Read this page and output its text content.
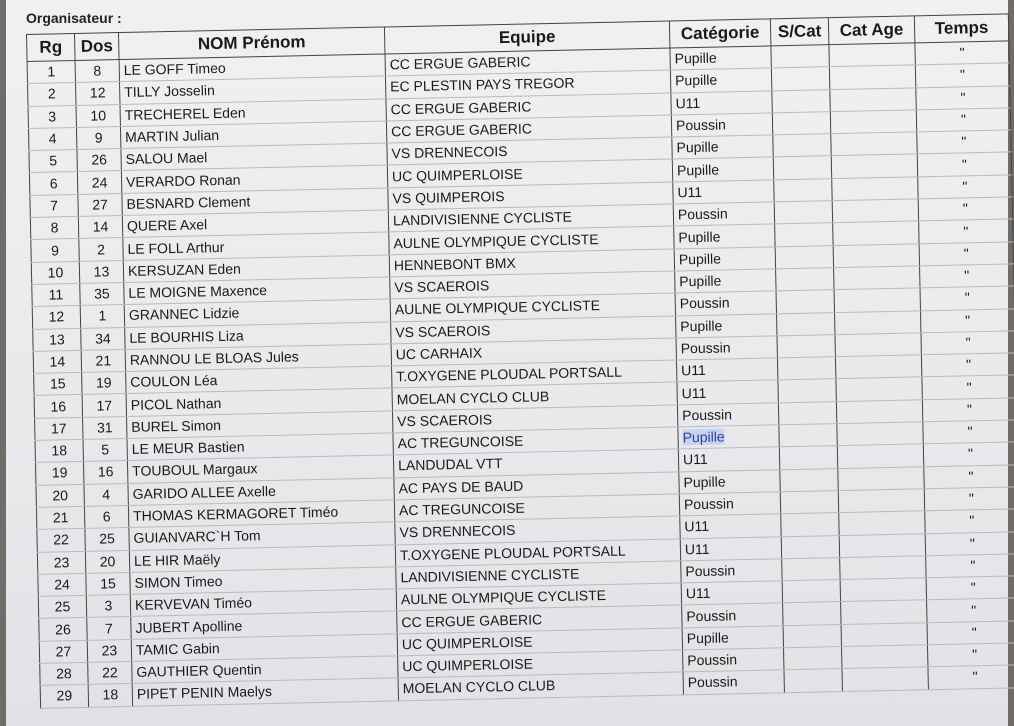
Organisateur :
Rg	Dos	NOM Prénom	Equipe	Catégorie	S/Cat	Cat Age	Temps
1	8	LE GOFF Timeo	CC ERGUE GABERIC	Pupille			"
2	12	TILLY Josselin	EC PLESTIN PAYS TREGOR	Pupille			"
3	10	TRECHEREL Eden	CC ERGUE GABERIC	U11			"
4	9	MARTIN Julian	CC ERGUE GABERIC	Poussin			"
5	26	SALOU Mael	VS DRENNECOIS	Pupille			"
6	24	VERARDO Ronan	UC QUIMPERLOISE	Pupille			"
7	27	BESNARD Clement	VS QUIMPEROIS	U11			"
8	14	QUERE Axel	LANDIVISIENNE CYCLISTE	Poussin			"
9	2	LE FOLL Arthur	AULNE OLYMPIQUE CYCLISTE	Pupille			"
10	13	KERSUZAN Eden	HENNEBONT BMX	Pupille			"
11	35	LE MOIGNE Maxence	VS SCAEROIS	Pupille			"
12	1	GRANNEC Lidzie	AULNE OLYMPIQUE CYCLISTE	Poussin			"
13	34	LE BOURHIS Liza	VS SCAEROIS	Pupille			"
14	21	RANNOU LE BLOAS Jules	UC CARHAIX	Poussin			"
15	19	COULON Léa	T.OXYGENE PLOUDAL PORTSALL	U11			"
16	17	PICOL Nathan	MOELAN CYCLO CLUB	U11			"
17	31	BUREL Simon	VS SCAEROIS	Poussin			"
18	5	LE MEUR Bastien	AC TREGUNCOISE	Pupille			"
19	16	TOUBOUL Margaux	LANDUDAL VTT	U11			"
20	4	GARIDO ALLEE Axelle	AC PAYS DE BAUD	Pupille			"
21	6	THOMAS KERMAGORET Timéo	AC TREGUNCOISE	Poussin			"
22	25	GUIANVARC`H Tom	VS DRENNECOIS	U11			"
23	20	LE HIR Maëly	T.OXYGENE PLOUDAL PORTSALL	U11			"
24	15	SIMON Timeo	LANDIVISIENNE CYCLISTE	Poussin			"
25	3	KERVEVAN Timéo	AULNE OLYMPIQUE CYCLISTE	U11			"
26	7	JUBERT Apolline	CC ERGUE GABERIC	Poussin			"
27	23	TAMIC Gabin	UC QUIMPERLOISE	Pupille			"
28	22	GAUTHIER Quentin	UC QUIMPERLOISE	Poussin			"
29	18	PIPET PENIN Maelys	MOELAN CYCLO CLUB	Poussin			"
